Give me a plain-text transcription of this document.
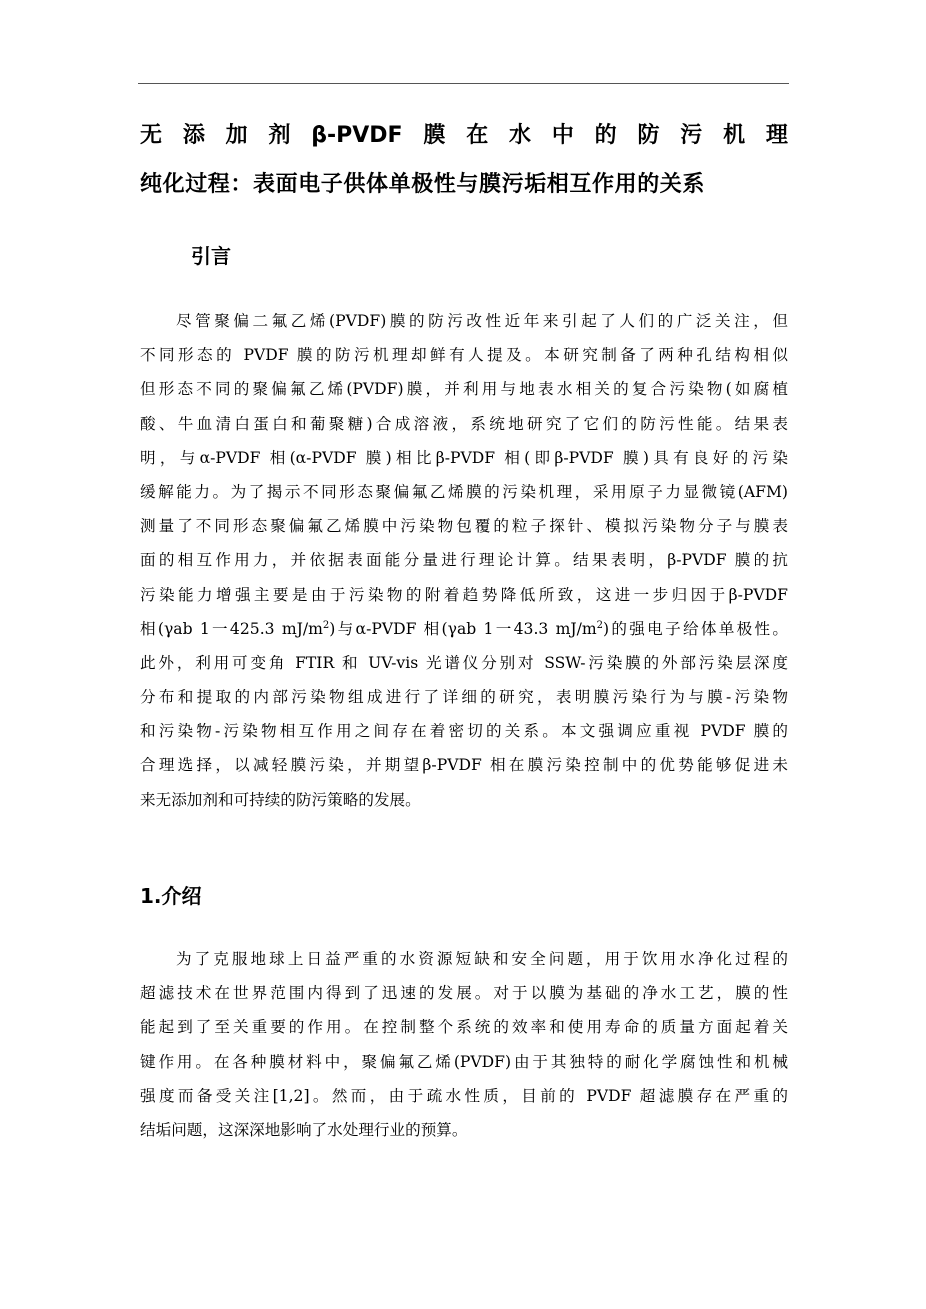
无 添 加 剂 β-PVDF 膜 在 水 中 的 防 污 机 理
纯化过程：表面电子供体单极性与膜污垢相互作用的关系
引言
尽管聚偏二氟乙烯(PVDF)膜的防污改性近年来引起了人们的广泛关注，但
不同形态的 PVDF 膜的防污机理却鲜有人提及。本研究制备了两种孔结构相似
但形态不同的聚偏氟乙烯(PVDF)膜，并利用与地表水相关的复合污染物(如腐植
酸、牛血清白蛋白和葡聚糖)合成溶液，系统地研究了它们的防污性能。结果表
明，与α-PVDF 相(α-PVDF 膜)相比β-PVDF 相(即β-PVDF 膜)具有良好的污染
缓解能力。为了揭示不同形态聚偏氟乙烯膜的污染机理，采用原子力显微镜(AFM)
测量了不同形态聚偏氟乙烯膜中污染物包覆的粒子探针、模拟污染物分子与膜表
面的相互作用力，并依据表面能分量进行理论计算。结果表明，β-PVDF 膜的抗
污染能力增强主要是由于污染物的附着趋势降低所致，这进一步归因于β-PVDF
相(γab 1一425.3 $mJ/m^2$)与α-PVDF 相(γab 1一43.3 $mJ/m^2$)的强电子给体单极性。
此外，利用可变角 FTIR 和 UV-vis 光谱仪分别对 SSW-污染膜的外部污染层深度
分布和提取的内部污染物组成进行了详细的研究，表明膜污染行为与膜-污染物
和污染物-污染物相互作用之间存在着密切的关系。本文强调应重视 PVDF 膜的
合理选择，以减轻膜污染，并期望β-PVDF 相在膜污染控制中的优势能够促进未
来无添加剂和可持续的防污策略的发展。
1.介绍
为了克服地球上日益严重的水资源短缺和安全问题，用于饮用水净化过程的
超滤技术在世界范围内得到了迅速的发展。对于以膜为基础的净水工艺，膜的性
能起到了至关重要的作用。在控制整个系统的效率和使用寿命的质量方面起着关
键作用。在各种膜材料中，聚偏氟乙烯(PVDF)由于其独特的耐化学腐蚀性和机械
强度而备受关注[1,2]。然而，由于疏水性质，目前的 PVDF 超滤膜存在严重的
结垢问题，这深深地影响了水处理行业的预算。
